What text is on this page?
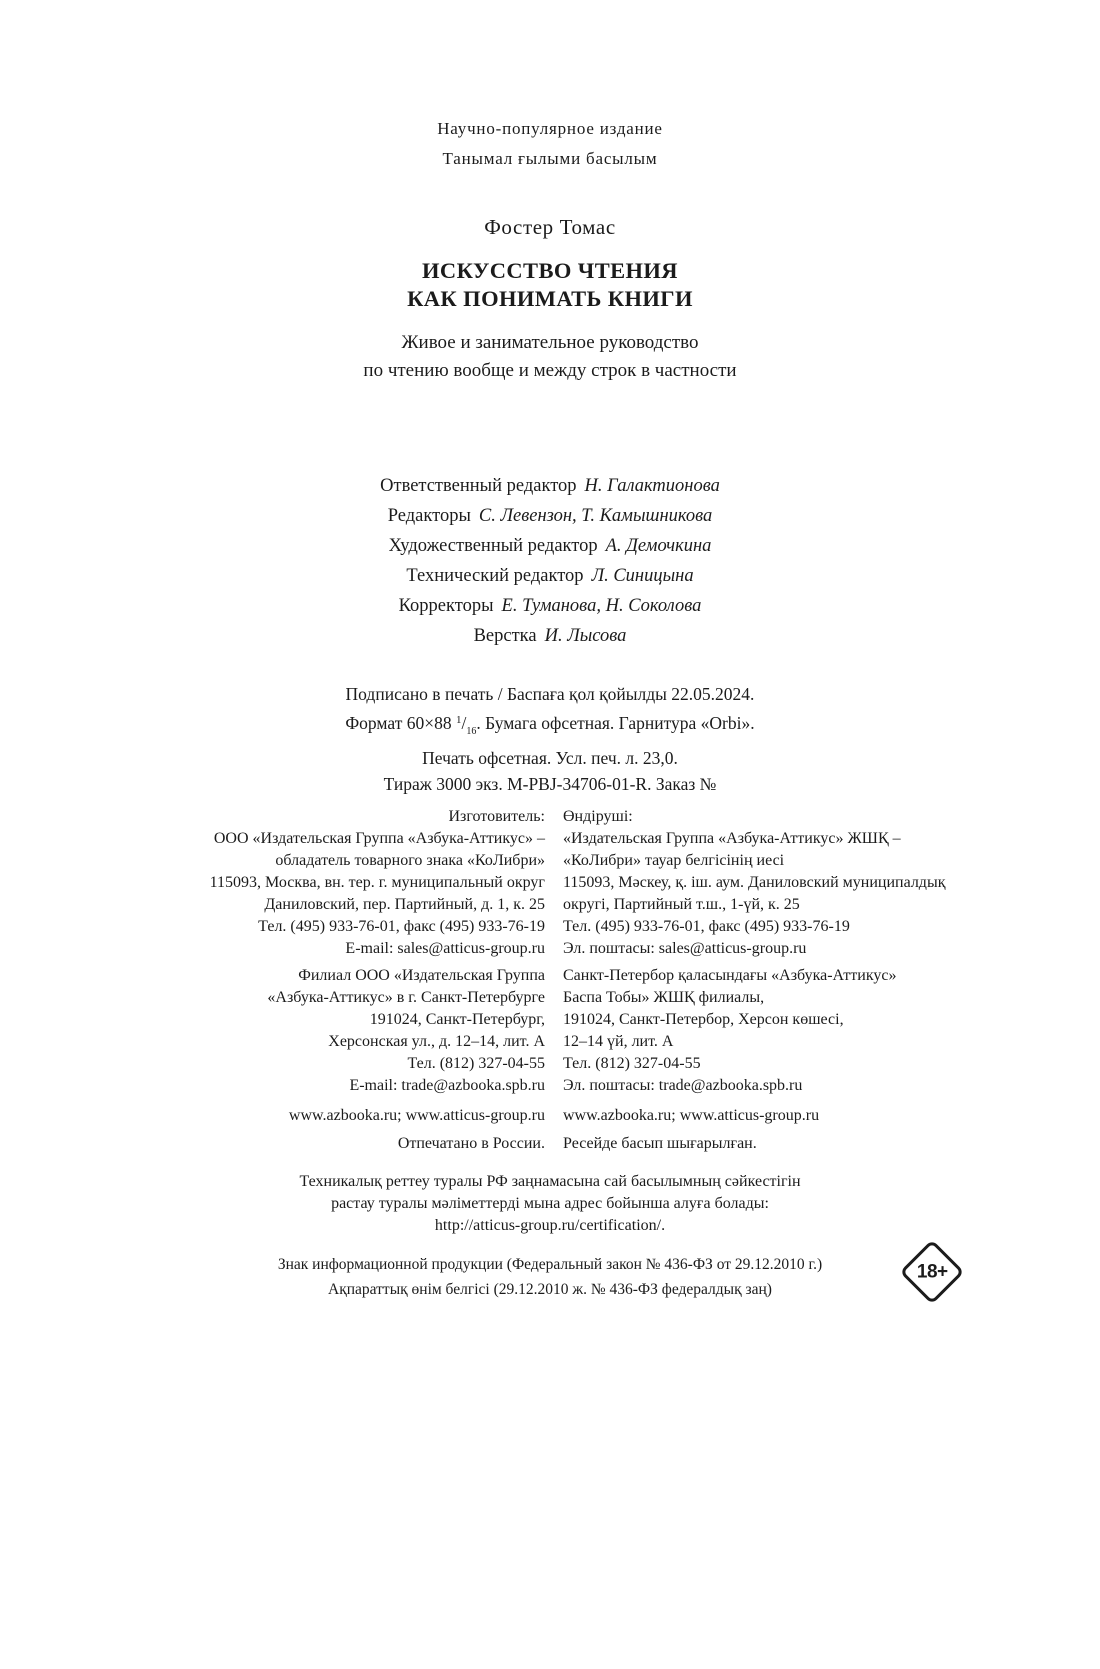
Научно-популярное издание
Танымал ғылыми басылым
Фостер Томас
ИСКУССТВО ЧТЕНИЯ
КАК ПОНИМАТЬ КНИГИ
Живое и занимательное руководство
по чтению вообще и между строк в частности
Ответственный редактор Н. Галактионова
Редакторы С. Левензон, Т. Камышникова
Художественный редактор А. Демочкина
Технический редактор Л. Синицына
Корректоры Е. Туманова, Н. Соколова
Верстка И. Лысова
Подписано в печать / Баспаға қол қойылды 22.05.2024.
Формат 60×88 $^1/_{16}$. Бумага офсетная. Гарнитура «Orbi».
Печать офсетная. Усл. печ. л. 23,0.
Тираж 3000 экз. M-PBJ-34706-01-R. Заказ №
Изготовитель:
ООО «Издательская Группа «Азбука-Аттикус» –
обладатель товарного знака «КоЛибри»
115093, Москва, вн. тер. г. муниципальный округ
Даниловский, пер. Партийный, д. 1, к. 25
Тел. (495) 933-76-01, факс (495) 933-76-19
E-mail: sales@atticus-group.ru
Филиал ООО «Издательская Группа
«Азбука-Аттикус» в г. Санкт-Петербурге
191024, Санкт-Петербург,
Херсонская ул., д. 12–14, лит. А
Тел. (812) 327-04-55
E-mail: trade@azbooka.spb.ru
www.azbooka.ru; www.atticus-group.ru
Отпечатано в России.
Өндіруші:
«Издательская Группа «Азбука-Аттикус» ЖШҚ –
«КоЛибри» тауар белгісінің иесі
115093, Мәскеу, қ. іш. аум. Даниловский муниципалдық
округі, Партийный т.ш., 1-үй, к. 25
Тел. (495) 933-76-01, факс (495) 933-76-19
Эл. поштасы: sales@atticus-group.ru
Санкт-Петербор қаласындағы «Азбука-Аттикус»
Баспа Тобы» ЖШҚ филиалы,
191024, Санкт-Петербор, Херсон көшесі,
12–14 үй, лит. А
Тел. (812) 327-04-55
Эл. поштасы: trade@azbooka.spb.ru
www.azbooka.ru; www.atticus-group.ru
Ресейде басып шығарылған.
Техникалық реттеу туралы РФ заңнамасына сай басылымның сәйкестігін
растау туралы мәліметтерді мына адрес бойынша алуға болады:
http://atticus-group.ru/certification/.
Знак информационной продукции (Федеральный закон № 436-ФЗ от 29.12.2010 г.)
Ақпараттық өнім белгісі (29.12.2010 ж. № 436-ФЗ федералдық заң)
18+
